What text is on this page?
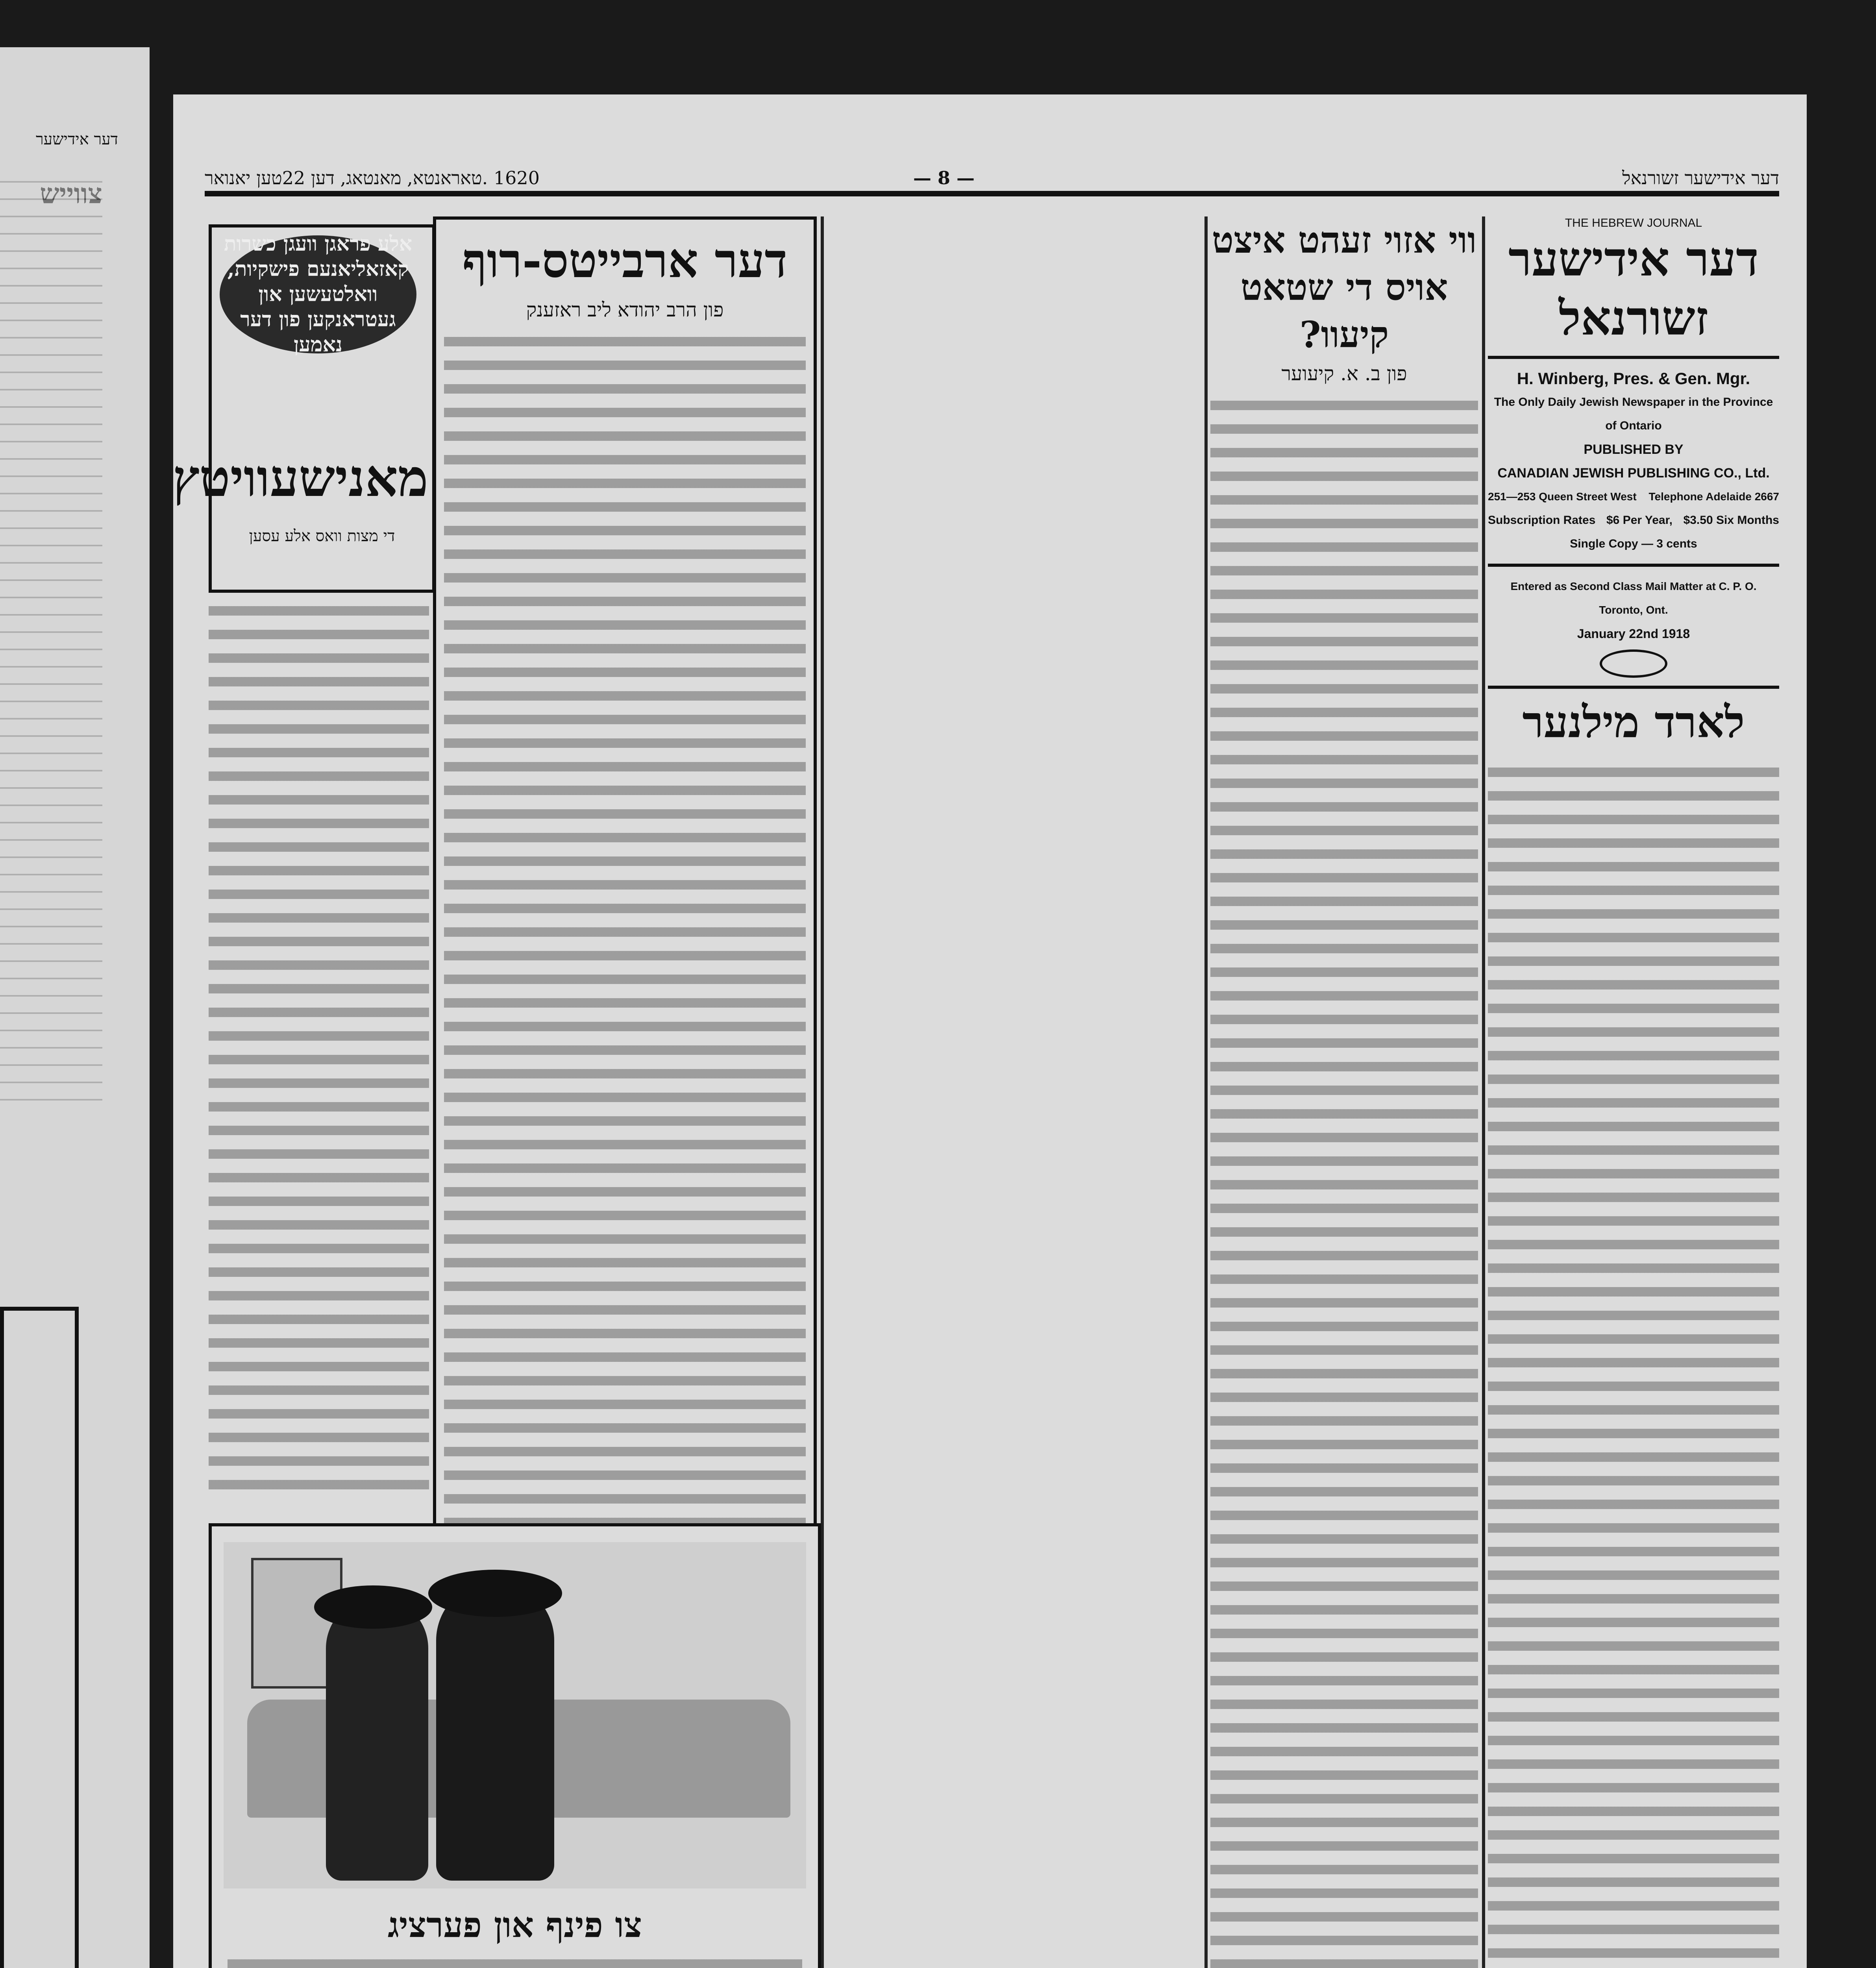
דער אידישער
1620 .טאראנטא, מאנטאג, דען 22טען יאנואר	— 8 —	דער אידישער זשורנאל
THE HEBREW JOURNAL
דער אידישער זשורנאל
H. Winberg, Pres. & Gen. Mgr.
The Only Daily Jewish Newspaper in the Province of Ontario
PUBLISHED BY
CANADIAN JEWISH PUBLISHING CO., Ltd.
251—253 Queen Street West Telephone Adelaide 2667
Subscription Rates $6 Per Year, $3.50 Six Months
Single Copy — 3 cents
Entered as Second Class Mail Matter at C. P. O. Toronto, Ont.
January 22nd 1918
לארד מילנער
ווי אזוי זעהט איצט אויס די שטאט קיעוו?
פון ב. א. קיעוער
דער ארבייטס-רוף
פון הרב יהודא ליב ראזענק
אלע פראגן וועגן כשרות קאזאליאנעם פישקיות, וואלטעשען און געטראנקען פון דער נאמען
מאנישעוויטץ
די מצות וואס אלע עסען
צו פינף און פערציג
